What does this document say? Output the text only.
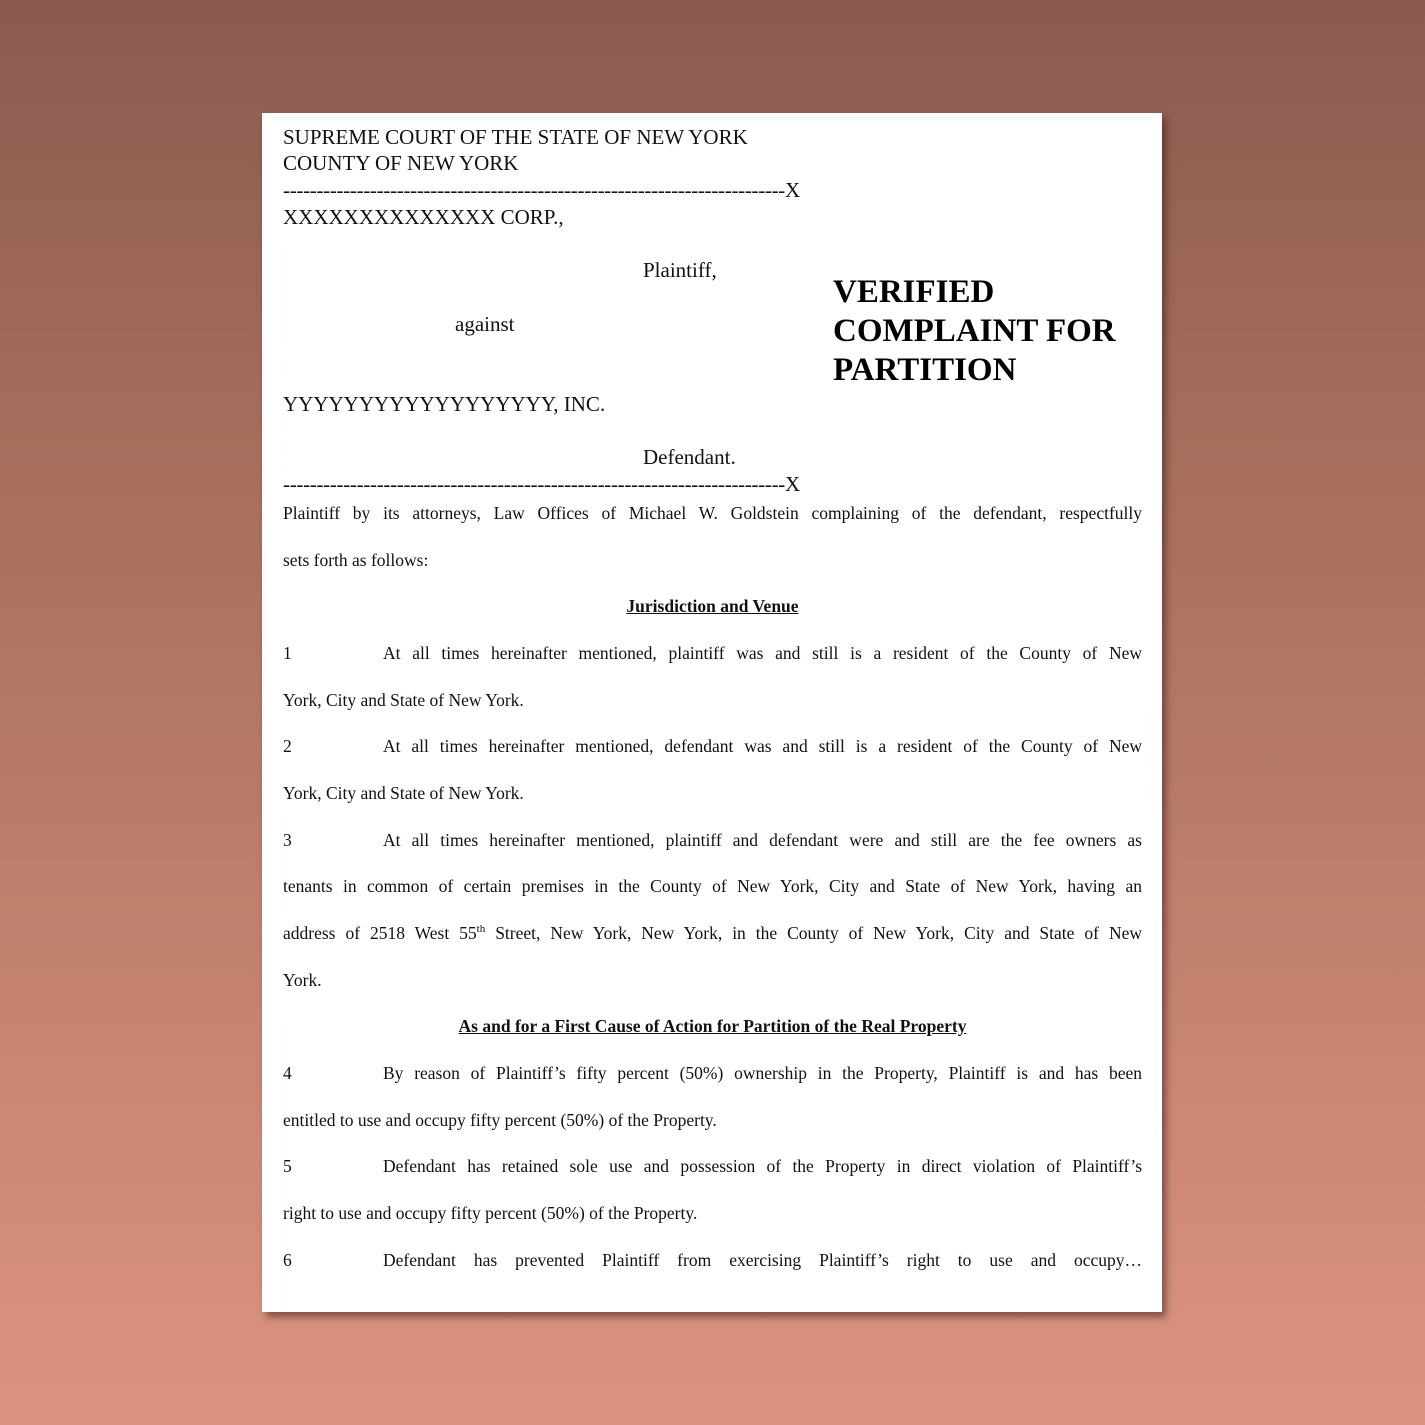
SUPREME COURT OF THE STATE OF NEW YORK
COUNTY OF NEW YORK
---------------------------------------------------------------------------X
XXXXXXXXXXXXXX CORP.,
Plaintiff,
against
YYYYYYYYYYYYYYYYYY, INC.
Defendant.
---------------------------------------------------------------------------X
VERIFIED
COMPLAINT FOR
PARTITION
Plaintiff by its attorneys, Law Offices of Michael W. Goldstein complaining of the defendant, respectfully
sets forth as follows:
Jurisdiction and Venue
1	At all times hereinafter mentioned, plaintiff was and still is a resident of the County of New
York, City and State of New York.
2	At all times hereinafter mentioned, defendant was and still is a resident of the County of New
York, City and State of New York.
3	At all times hereinafter mentioned, plaintiff and defendant were and still are the fee owners as
tenants in common of certain premises in the County of New York, City and State of New York, having an
address of 2518 West 55th Street, New York, New York, in the County of New York, City and State of New
York.
As and for a First Cause of Action for Partition of the Real Property
4	By reason of Plaintiff’s fifty percent (50%) ownership in the Property, Plaintiff is and has been
entitled to use and occupy fifty percent (50%) of the Property.
5	Defendant has retained sole use and possession of the Property in direct violation of Plaintiff’s
right to use and occupy fifty percent (50%) of the Property.
6	Defendant has prevented Plaintiff from exercising Plaintiff’s right to use and occupy…
